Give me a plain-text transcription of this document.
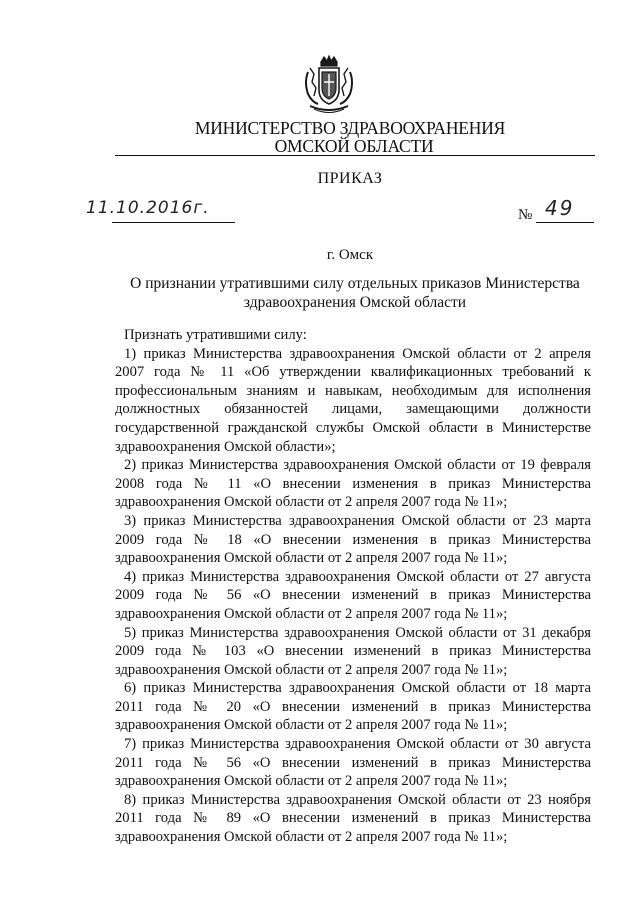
МИНИСТЕРСТВО ЗДРАВООХРАНЕНИЯ
ОМСКОЙ ОБЛАСТИ
ПРИКАЗ
11.10.2016г.	№ 49
г. Омск
О признании утратившими силу отдельных приказов Министерства здравоохранения Омской области

Признать утратившими силу:

1) приказ Министерства здравоохранения Омской области от 2 апреля 2007 года № 11 «Об утверждении квалификационных требований к профессиональным знаниям и навыкам, необходимым для исполнения должностных обязанностей лицами, замещающими должности государственной гражданской службы Омской области в Министерстве здравоохранения Омской области»;

2) приказ Министерства здравоохранения Омской области от 19 февраля 2008 года № 11 «О внесении изменения в приказ Министерства здравоохранения Омской области от 2 апреля 2007 года № 11»;

3) приказ Министерства здравоохранения Омской области от 23 марта 2009 года № 18 «О внесении изменения в приказ Министерства здравоохранения Омской области от 2 апреля 2007 года № 11»;

4) приказ Министерства здравоохранения Омской области от 27 августа 2009 года № 56 «О внесении изменений в приказ Министерства здравоохранения Омской области от 2 апреля 2007 года № 11»;

5) приказ Министерства здравоохранения Омской области от 31 декабря 2009 года № 103 «О внесении изменений в приказ Министерства здравоохранения Омской области от 2 апреля 2007 года № 11»;

6) приказ Министерства здравоохранения Омской области от 18 марта 2011 года № 20 «О внесении изменений в приказ Министерства здравоохранения Омской области от 2 апреля 2007 года № 11»;

7) приказ Министерства здравоохранения Омской области от 30 августа 2011 года № 56 «О внесении изменений в приказ Министерства здравоохранения Омской области от 2 апреля 2007 года № 11»;

8) приказ Министерства здравоохранения Омской области от 23 ноября 2011 года № 89 «О внесении изменений в приказ Министерства здравоохранения Омской области от 2 апреля 2007 года № 11»;
